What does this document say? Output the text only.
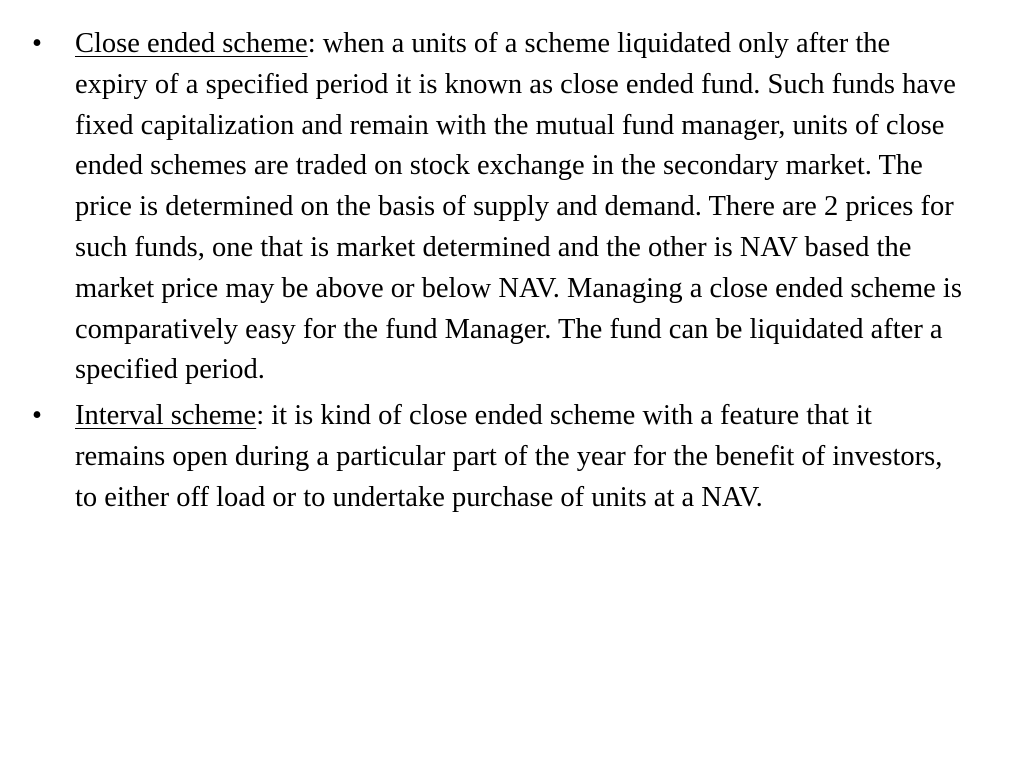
•	Close ended scheme: when a units of a scheme liquidated only after the expiry of a specified period it is known as close ended fund. Such funds have fixed capitalization and remain with the mutual fund manager, units of close ended schemes are traded on stock exchange in the secondary market. The price is determined on the basis of supply and demand. There are 2 prices for such funds, one that is market determined and the other is NAV based the market price may be above or below NAV. Managing a close ended scheme is comparatively easy for the fund Manager. The fund can be liquidated after a specified period.
•	Interval scheme: it is kind of close ended scheme with a feature that it remains open during a particular part of the year for the benefit of investors, to either off load or to undertake purchase of units at a NAV.
